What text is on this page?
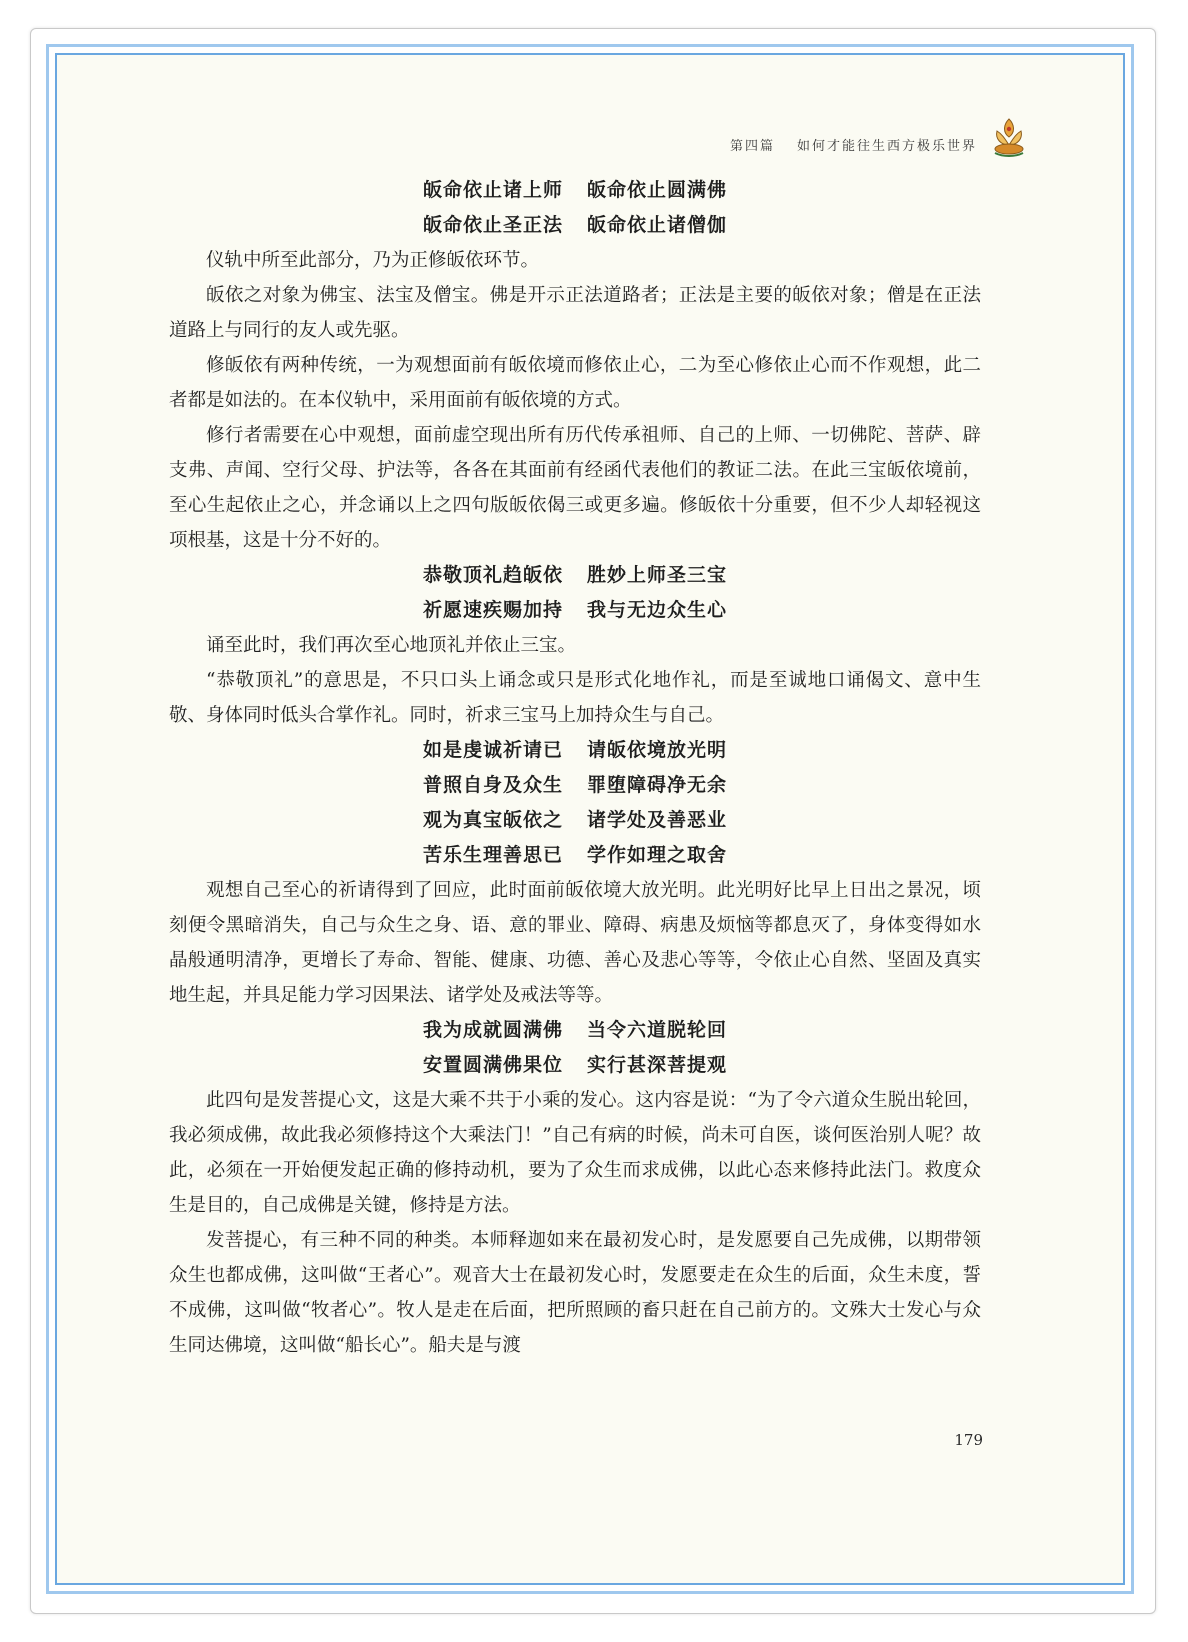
第四篇 如何才能往生西方极乐世界
皈命依止诸上师 皈命依止圆满佛
皈命依止圣正法 皈命依止诸僧伽

仪轨中所至此部分，乃为正修皈依环节。

皈依之对象为佛宝、法宝及僧宝。佛是开示正法道路者；正法是主要的皈依对象；僧是在正法道路上与同行的友人或先驱。

修皈依有两种传统，一为观想面前有皈依境而修依止心，二为至心修依止心而不作观想，此二者都是如法的。在本仪轨中，采用面前有皈依境的方式。

修行者需要在心中观想，面前虚空现出所有历代传承祖师、自己的上师、一切佛陀、菩萨、辟支弗、声闻、空行父母、护法等，各各在其面前有经函代表他们的教证二法。在此三宝皈依境前，至心生起依止之心，并念诵以上之四句版皈依偈三或更多遍。修皈依十分重要，但不少人却轻视这项根基，这是十分不好的。

恭敬顶礼趋皈依 胜妙上师圣三宝
祈愿速疾赐加持 我与无边众生心

诵至此时，我们再次至心地顶礼并依止三宝。

“恭敬顶礼”的意思是，不只口头上诵念或只是形式化地作礼，而是至诚地口诵偈文、意中生敬、身体同时低头合掌作礼。同时，祈求三宝马上加持众生与自己。

如是虔诚祈请已 请皈依境放光明
普照自身及众生 罪堕障碍净无余
观为真宝皈依之 诸学处及善恶业
苦乐生理善思已 学作如理之取舍

观想自己至心的祈请得到了回应，此时面前皈依境大放光明。此光明好比早上日出之景况，顷刻便令黑暗消失，自己与众生之身、语、意的罪业、障碍、病患及烦恼等都息灭了，身体变得如水晶般通明清净，更增长了寿命、智能、健康、功德、善心及悲心等等，令依止心自然、坚固及真实地生起，并具足能力学习因果法、诸学处及戒法等等。

我为成就圆满佛 当令六道脱轮回
安置圆满佛果位 实行甚深菩提观

此四句是发菩提心文，这是大乘不共于小乘的发心。这内容是说：“为了令六道众生脱出轮回，我必须成佛，故此我必须修持这个大乘法门！”自己有病的时候，尚未可自医，谈何医治别人呢？故此，必须在一开始便发起正确的修持动机，要为了众生而求成佛，以此心态来修持此法门。救度众生是目的，自己成佛是关键，修持是方法。

发菩提心，有三种不同的种类。本师释迦如来在最初发心时，是发愿要自己先成佛，以期带领众生也都成佛，这叫做“王者心”。观音大士在最初发心时，发愿要走在众生的后面，众生未度，誓不成佛，这叫做“牧者心”。牧人是走在后面，把所照顾的畜只赶在自己前方的。文殊大士发心与众生同达佛境，这叫做“船长心”。船夫是与渡

179
